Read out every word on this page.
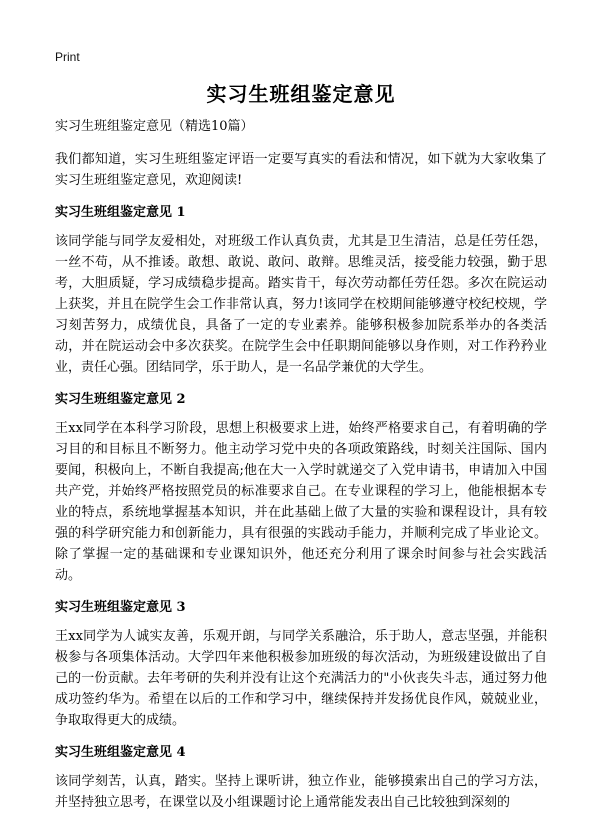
Print
实习生班组鉴定意见

实习生班组鉴定意见（精选10篇）

我们都知道，实习生班组鉴定评语一定要写真实的看法和情况，如下就为大家收集了实习生班组鉴定意见，欢迎阅读!

实习生班组鉴定意见 1

该同学能与同学友爱相处，对班级工作认真负责，尤其是卫生清洁，总是任劳任怨，一丝不苟，从不推诿。敢想、敢说、敢问、敢辩。思维灵活，接受能力较强，勤于思考，大胆质疑，学习成绩稳步提高。踏实肯干，每次劳动都任劳任怨。多次在院运动上获奖，并且在院学生会工作非常认真，努力!该同学在校期间能够遵守校纪校规，学习刻苦努力，成绩优良，具备了一定的专业素养。能够积极参加院系举办的各类活动，并在院运动会中多次获奖。在院学生会中任职期间能够以身作则，对工作矜矜业业，责任心强。团结同学，乐于助人，是一名品学兼优的大学生。

实习生班组鉴定意见 2

王xx同学在本科学习阶段，思想上积极要求上进，始终严格要求自己，有着明确的学习目的和目标且不断努力。他主动学习党中央的各项政策路线，时刻关注国际、国内要闻，积极向上，不断自我提高;他在大一入学时就递交了入党申请书，申请加入中国共产党，并始终严格按照党员的标准要求自己。在专业课程的学习上，他能根据本专业的特点，系统地掌握基本知识，并在此基础上做了大量的实验和课程设计，具有较强的科学研究能力和创新能力，具有很强的实践动手能力，并顺利完成了毕业论文。除了掌握一定的基础课和专业课知识外，他还充分利用了课余时间参与社会实践活动。

实习生班组鉴定意见 3

王xx同学为人诚实友善，乐观开朗，与同学关系融洽，乐于助人，意志坚强，并能积极参与各项集体活动。大学四年来他积极参加班级的每次活动，为班级建设做出了自己的一份贡献。去年考研的失利并没有让这个充满活力的"小伙丧失斗志，通过努力他成功签约华为。希望在以后的工作和学习中，继续保持并发扬优良作风，兢兢业业，争取取得更大的成绩。

实习生班组鉴定意见 4

该同学刻苦，认真，踏实。坚持上课听讲，独立作业，能够摸索出自己的学习方法，并坚持独立思考，在课堂以及小组课题讨论上通常能发表出自己比较独到深刻的
